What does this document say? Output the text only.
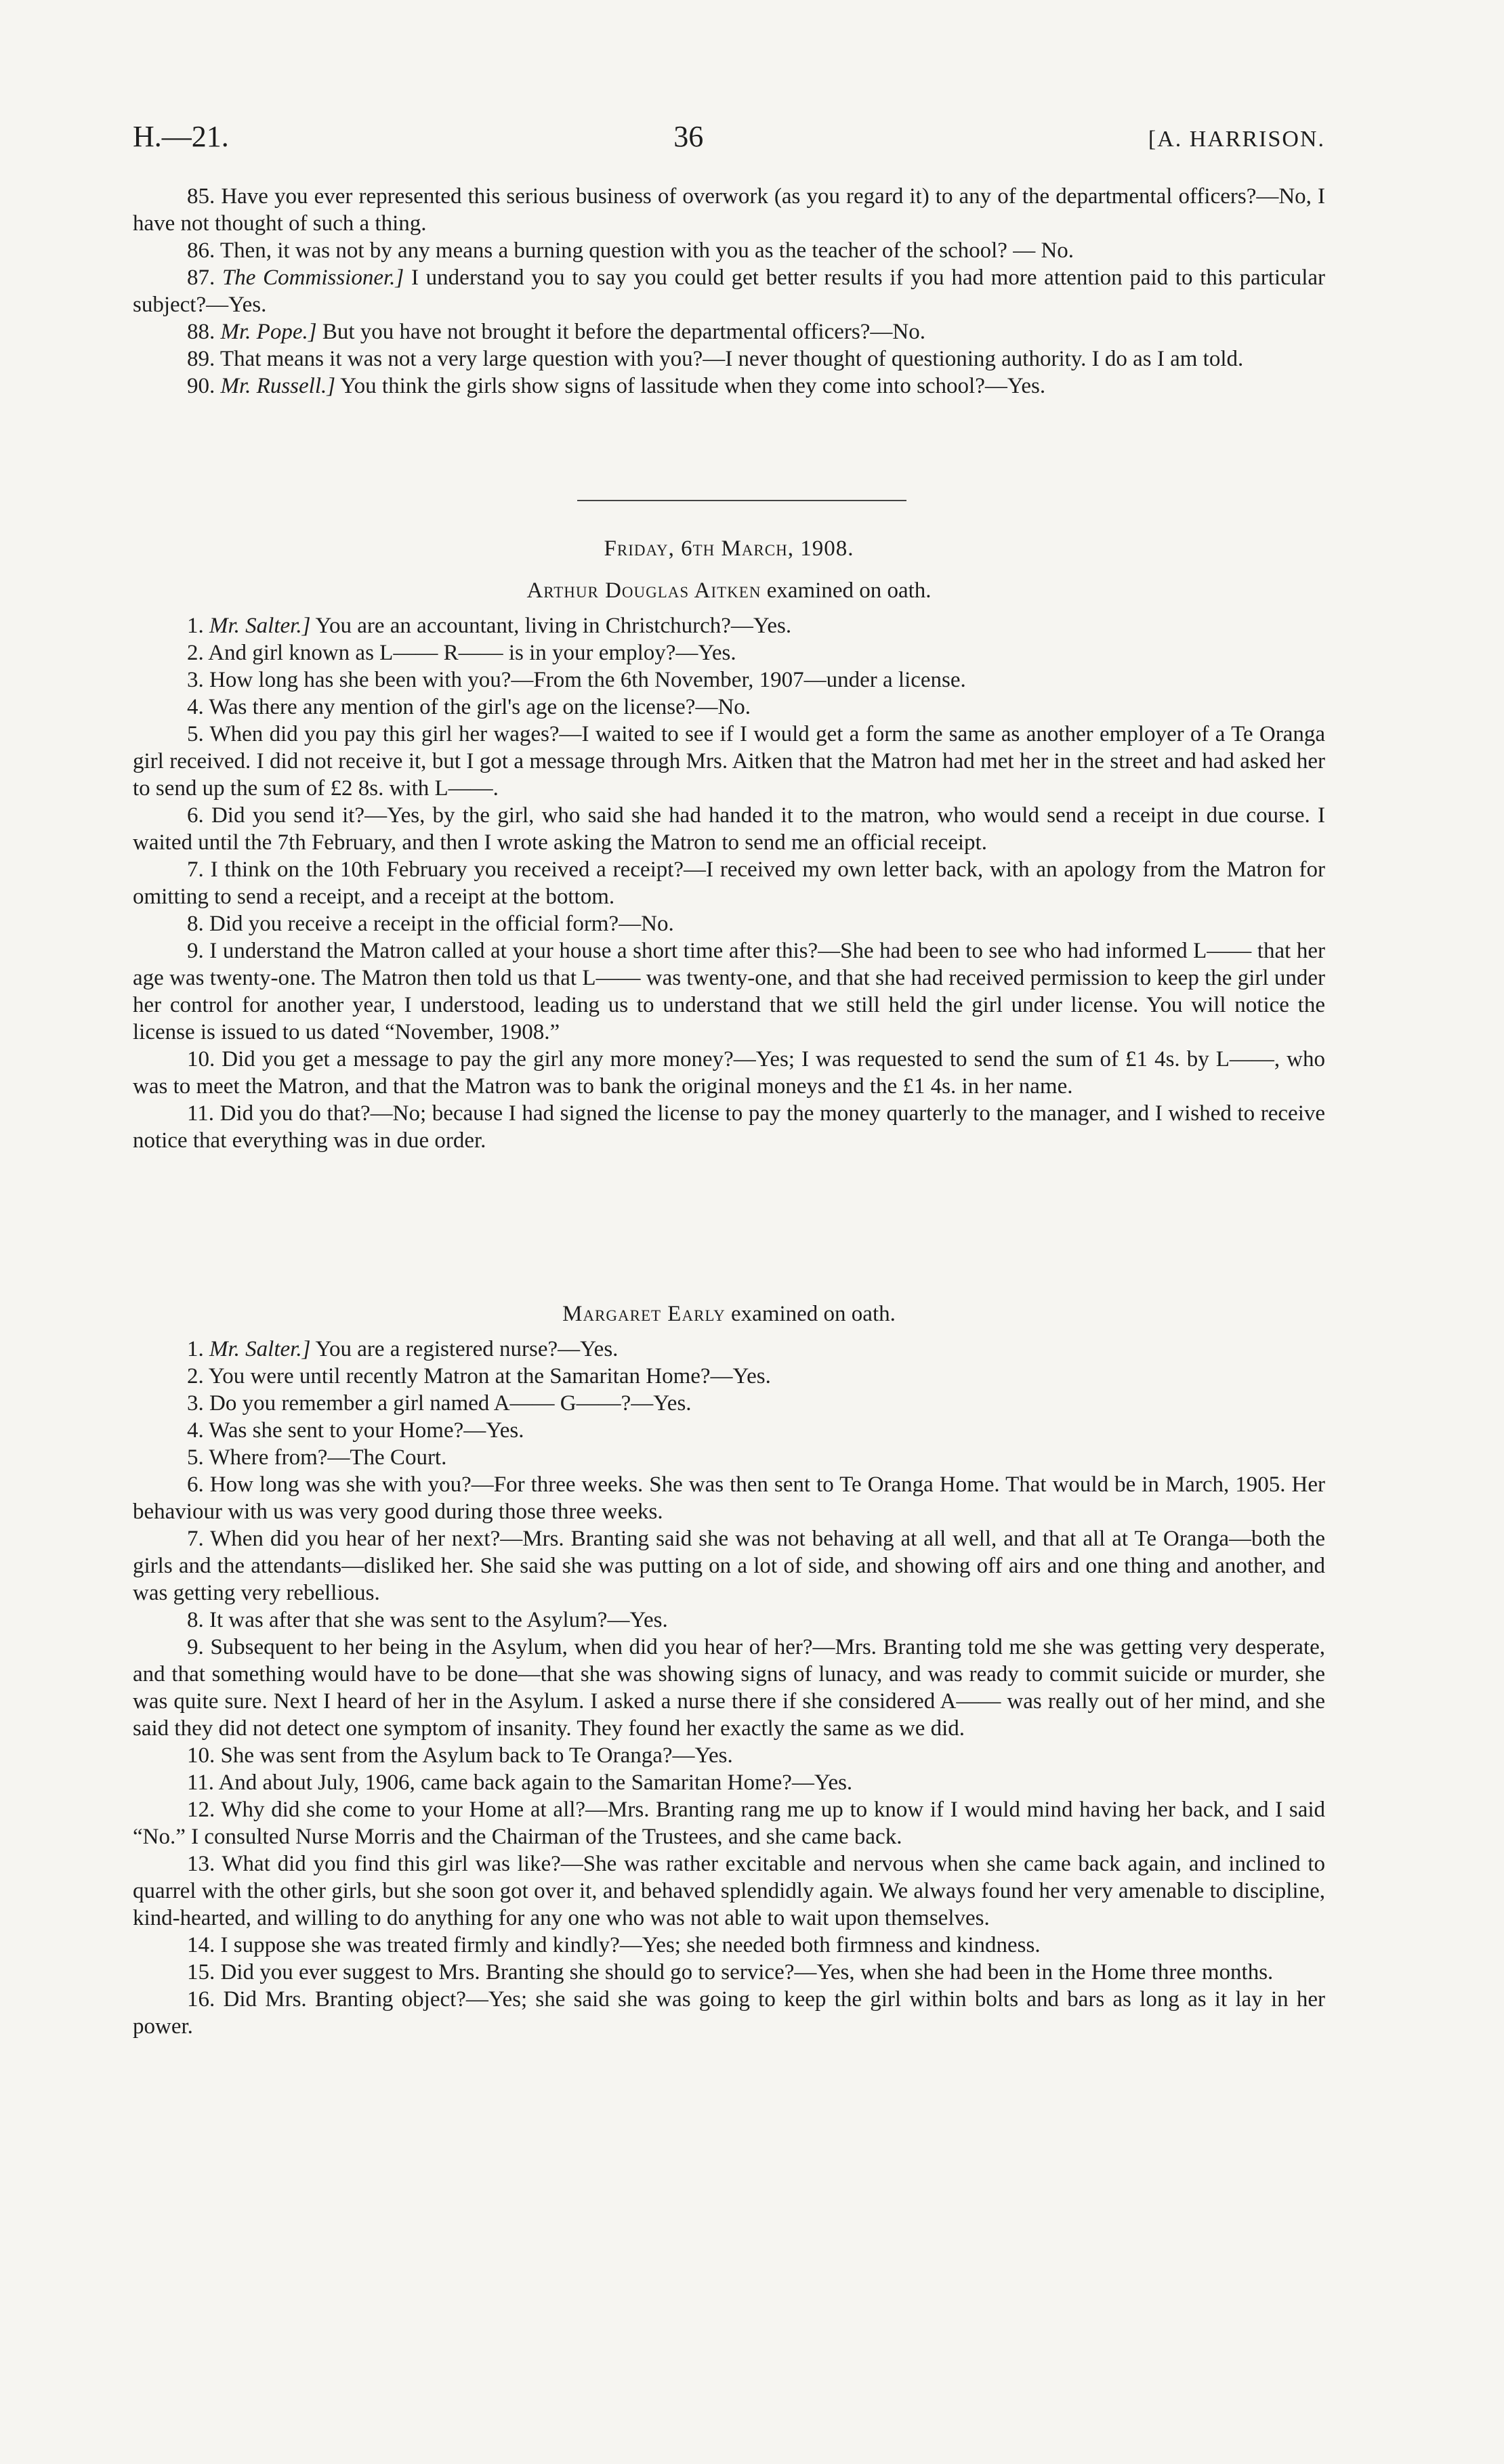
H.—21.	36	[A. HARRISON.

85. Have you ever represented this serious business of overwork (as you regard it) to any of the departmental officers?—No, I have not thought of such a thing.

86. Then, it was not by any means a burning question with you as the teacher of the school? — No.

87. The Commissioner.] I understand you to say you could get better results if you had more attention paid to this particular subject?—Yes.

88. Mr. Pope.] But you have not brought it before the departmental officers?—No.

89. That means it was not a very large question with you?—I never thought of questioning authority. I do as I am told.

90. Mr. Russell.] You think the girls show signs of lassitude when they come into school?—Yes.

Friday, 6th March, 1908.

Arthur Douglas Aitken examined on oath.

1. Mr. Salter.] You are an accountant, living in Christchurch?—Yes.

2. And girl known as L—— R—— is in your employ?—Yes.

3. How long has she been with you?—From the 6th November, 1907—under a license.

4. Was there any mention of the girl's age on the license?—No.

5. When did you pay this girl her wages?—I waited to see if I would get a form the same as another employer of a Te Oranga girl received. I did not receive it, but I got a message through Mrs. Aitken that the Matron had met her in the street and had asked her to send up the sum of £2 8s. with L——.

6. Did you send it?—Yes, by the girl, who said she had handed it to the matron, who would send a receipt in due course. I waited until the 7th February, and then I wrote asking the Matron to send me an official receipt.

7. I think on the 10th February you received a receipt?—I received my own letter back, with an apology from the Matron for omitting to send a receipt, and a receipt at the bottom.

8. Did you receive a receipt in the official form?—No.

9. I understand the Matron called at your house a short time after this?—She had been to see who had informed L—— that her age was twenty-one. The Matron then told us that L—— was twenty-one, and that she had received permission to keep the girl under her control for another year, I understood, leading us to understand that we still held the girl under license. You will notice the license is issued to us dated “November, 1908.”

10. Did you get a message to pay the girl any more money?—Yes; I was requested to send the sum of £1 4s. by L——, who was to meet the Matron, and that the Matron was to bank the original moneys and the £1 4s. in her name.

11. Did you do that?—No; because I had signed the license to pay the money quarterly to the manager, and I wished to receive notice that everything was in due order.

Margaret Early examined on oath.

1. Mr. Salter.] You are a registered nurse?—Yes.

2. You were until recently Matron at the Samaritan Home?—Yes.

3. Do you remember a girl named A—— G——?—Yes.

4. Was she sent to your Home?—Yes.

5. Where from?—The Court.

6. How long was she with you?—For three weeks. She was then sent to Te Oranga Home. That would be in March, 1905. Her behaviour with us was very good during those three weeks.

7. When did you hear of her next?—Mrs. Branting said she was not behaving at all well, and that all at Te Oranga—both the girls and the attendants—disliked her. She said she was putting on a lot of side, and showing off airs and one thing and another, and was getting very rebellious.

8. It was after that she was sent to the Asylum?—Yes.

9. Subsequent to her being in the Asylum, when did you hear of her?—Mrs. Branting told me she was getting very desperate, and that something would have to be done—that she was showing signs of lunacy, and was ready to commit suicide or murder, she was quite sure. Next I heard of her in the Asylum. I asked a nurse there if she considered A—— was really out of her mind, and she said they did not detect one symptom of insanity. They found her exactly the same as we did.

10. She was sent from the Asylum back to Te Oranga?—Yes.

11. And about July, 1906, came back again to the Samaritan Home?—Yes.

12. Why did she come to your Home at all?—Mrs. Branting rang me up to know if I would mind having her back, and I said “No.” I consulted Nurse Morris and the Chairman of the Trustees, and she came back.

13. What did you find this girl was like?—She was rather excitable and nervous when she came back again, and inclined to quarrel with the other girls, but she soon got over it, and behaved splendidly again. We always found her very amenable to discipline, kind-hearted, and willing to do anything for any one who was not able to wait upon themselves.

14. I suppose she was treated firmly and kindly?—Yes; she needed both firmness and kindness.

15. Did you ever suggest to Mrs. Branting she should go to service?—Yes, when she had been in the Home three months.

16. Did Mrs. Branting object?—Yes; she said she was going to keep the girl within bolts and bars as long as it lay in her power.
